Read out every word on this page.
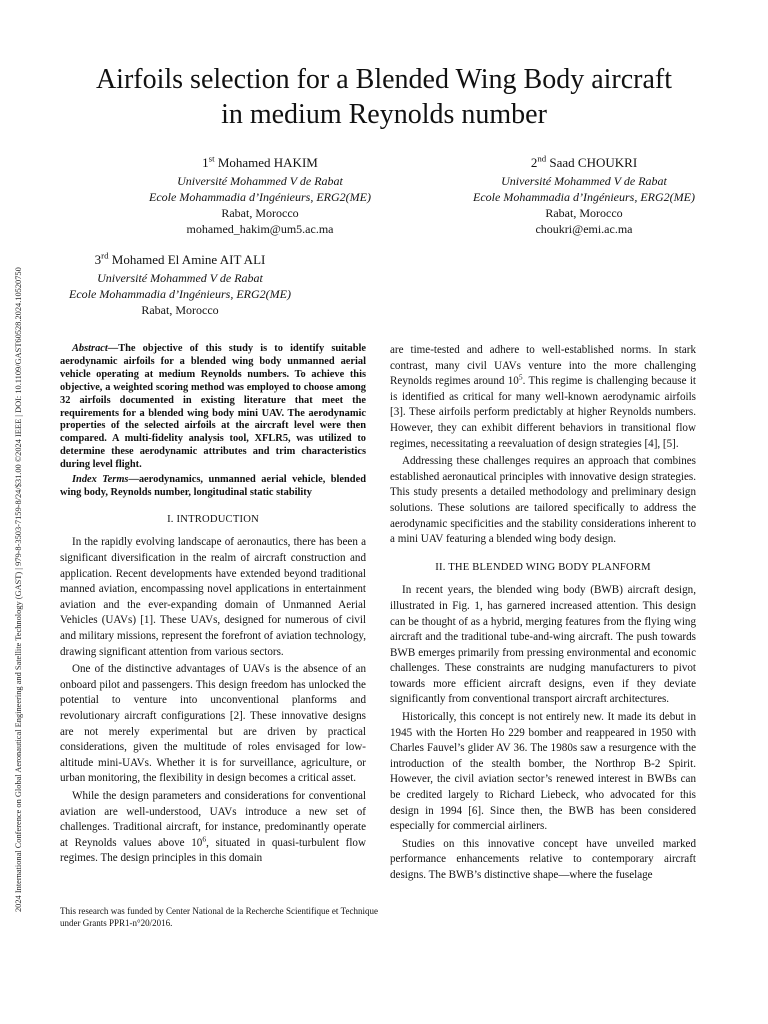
2024 International Conference on Global Aeronautical Engineering and Satellite Technology (GAST) | 979-8-3503-7159-8/24/$31.00 ©2024 IEEE | DOI: 10.1109/GAST60528.2024.10520750
Airfoils selection for a Blended Wing Body aircraft
in medium Reynolds number
1st Mohamed HAKIM
Université Mohammed V de Rabat
Ecole Mohammadia d’Ingénieurs, ERG2(ME)
Rabat, Morocco
mohamed_hakim@um5.ac.ma
2nd Saad CHOUKRI
Université Mohammed V de Rabat
Ecole Mohammadia d’Ingénieurs, ERG2(ME)
Rabat, Morocco
choukri@emi.ac.ma
3rd Mohamed El Amine AIT ALI
Université Mohammed V de Rabat
Ecole Mohammadia d’Ingénieurs, ERG2(ME)
Rabat, Morocco

Abstract—The objective of this study is to identify suitable aerodynamic airfoils for a blended wing body unmanned aerial vehicle operating at medium Reynolds numbers. To achieve this objective, a weighted scoring method was employed to choose among 32 airfoils documented in existing literature that meet the requirements for a blended wing body mini UAV. The aerodynamic properties of the selected airfoils at the aircraft level were then compared. A multi-fidelity analysis tool, XFLR5, was utilized to determine these aerodynamic attributes and trim characteristics during level flight.

Index Terms—aerodynamics, unmanned aerial vehicle, blended wing body, Reynolds number, longitudinal static stability

I. INTRODUCTION

In the rapidly evolving landscape of aeronautics, there has been a significant diversification in the realm of aircraft construction and application. Recent developments have extended beyond traditional manned aviation, encompassing novel applications in entertainment aviation and the ever-expanding domain of Unmanned Aerial Vehicles (UAVs) [1]. These UAVs, designed for numerous of civil and military missions, represent the forefront of aviation technology, drawing significant attention from various sectors.

One of the distinctive advantages of UAVs is the absence of an onboard pilot and passengers. This design freedom has unlocked the potential to venture into unconventional planforms and revolutionary aircraft configurations [2]. These innovative designs are not merely experimental but are driven by practical considerations, given the multitude of roles envisaged for low-altitude mini-UAVs. Whether it is for surveillance, agriculture, or urban monitoring, the flexibility in design becomes a critical asset.

While the design parameters and considerations for conventional aviation are well-understood, UAVs introduce a new set of challenges. Traditional aircraft, for instance, predominantly operate at Reynolds values above $10^6$, situated in quasi-turbulent flow regimes. The design principles in this domain

are time-tested and adhere to well-established norms. In stark contrast, many civil UAVs venture into the more challenging Reynolds regimes around $10^5$. This regime is challenging because it is identified as critical for many well-known aerodynamic airfoils [3]. These airfoils perform predictably at higher Reynolds numbers. However, they can exhibit different behaviors in transitional flow regimes, necessitating a reevaluation of design strategies [4], [5].

Addressing these challenges requires an approach that combines established aeronautical principles with innovative design strategies. This study presents a detailed methodology and preliminary design solutions. These solutions are tailored specifically to address the aerodynamic specificities and the stability considerations inherent to a mini UAV featuring a blended wing body design.

II. THE BLENDED WING BODY PLANFORM

In recent years, the blended wing body (BWB) aircraft design, illustrated in Fig. 1, has garnered increased attention. This design can be thought of as a hybrid, merging features from the flying wing aircraft and the traditional tube-and-wing aircraft. The push towards BWB emerges primarily from pressing environmental and economic challenges. These constraints are nudging manufacturers to pivot towards more efficient aircraft designs, even if they deviate significantly from conventional transport aircraft architectures.

Historically, this concept is not entirely new. It made its debut in 1945 with the Horten Ho 229 bomber and reappeared in 1950 with Charles Fauvel’s glider AV 36. The 1980s saw a resurgence with the introduction of the stealth bomber, the Northrop B-2 Spirit. However, the civil aviation sector’s renewed interest in BWBs can be credited largely to Richard Liebeck, who advocated for this design in 1994 [6]. Since then, the BWB has been considered especially for commercial airliners.

Studies on this innovative concept have unveiled marked performance enhancements relative to contemporary aircraft designs. The BWB’s distinctive shape—where the fuselage

This research was funded by Center National de la Recherche Scientifique et Technique under Grants PPR1-n°20/2016.
